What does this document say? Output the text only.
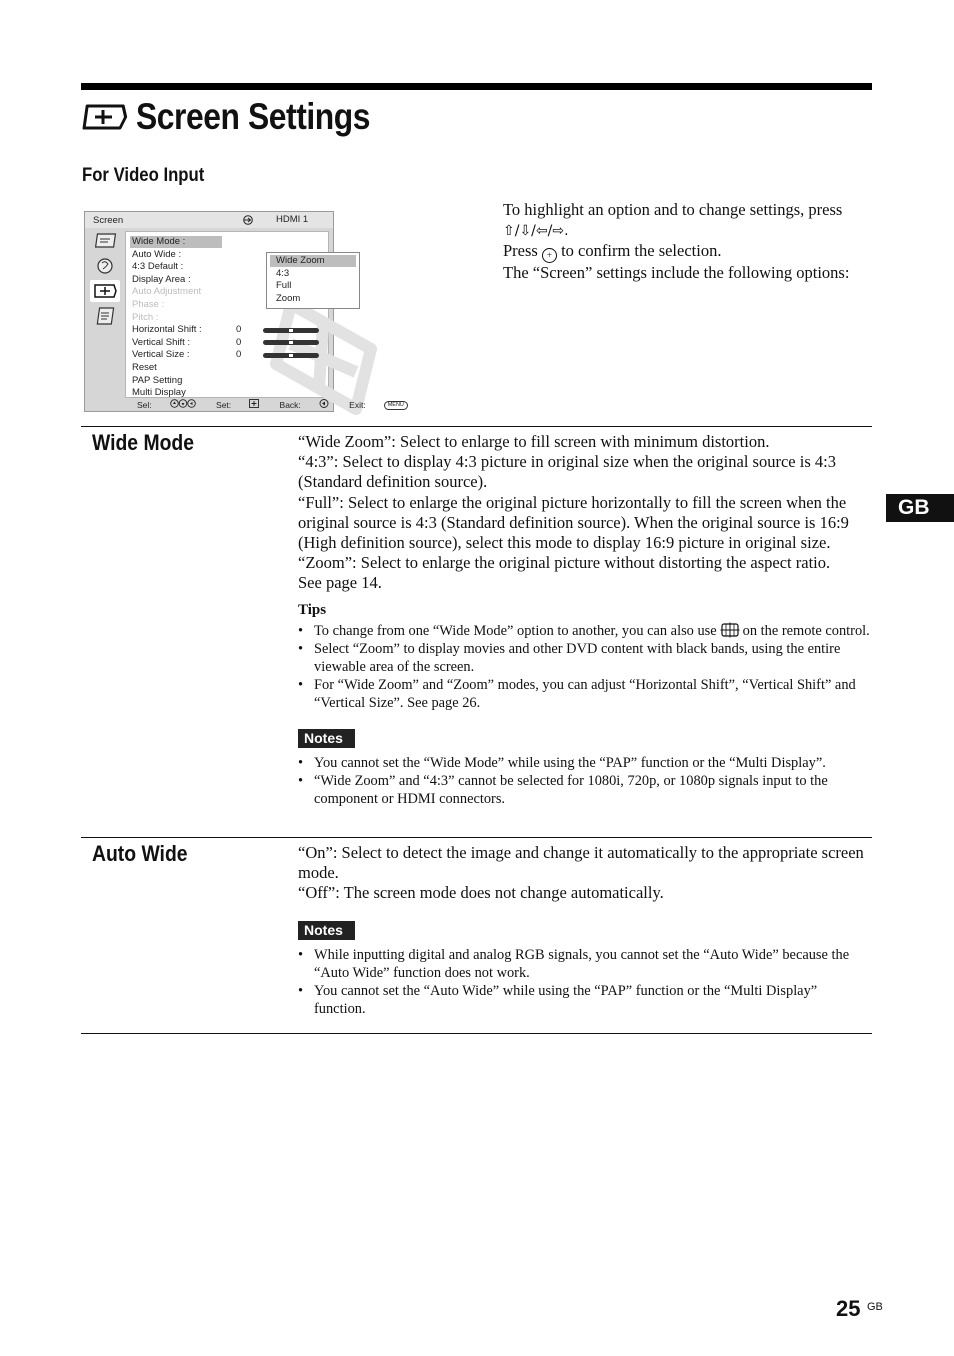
Screen Settings
For Video Input
Screen	HDMI 1
Wide Mode :
Auto Wide :
4:3 Default :
Display Area :
Auto Adjustment
Phase :
Pitch :
Horizontal Shift :	0
Vertical Shift :	0
Vertical Size :	0
Reset
PAP Setting
Multi Display
Wide Zoom
4:3
Full
Zoom
Sel:	Set:	Back:	Exit:	MENU

To highlight an option and to change settings, press

⇧/⇩/⇦/⇨.

Press + to confirm the selection.

The “Screen” settings include the following options:

Wide Mode	“Wide Zoom”: Select to enlarge to fill screen with minimum distortion.

“4:3”: Select to display 4:3 picture in original size when the original source is 4:3 (Standard definition source).

“Full”: Select to enlarge the original picture horizontally to fill the screen when the original source is 4:3 (Standard definition source). When the original source is 16:9 (High definition source), select this mode to display 16:9 picture in original size.

“Zoom”: Select to enlarge the original picture without distorting the aspect ratio.

See page 14.

Tips
• To change from one “Wide Mode” option to another, you can also use on the remote control.
• Select “Zoom” to display movies and other DVD content with black bands, using the entire viewable area of the screen.
• For “Wide Zoom” and “Zoom” modes, you can adjust “Horizontal Shift”, “Vertical Shift” and “Vertical Size”. See page 26.
Notes
• You cannot set the “Wide Mode” while using the “PAP” function or the “Multi Display”.
• “Wide Zoom” and “4:3” cannot be selected for 1080i, 720p, or 1080p signals input to the component or HDMI connectors.
Auto Wide	“On”: Select to detect the image and change it automatically to the appropriate screen mode.

“Off”: The screen mode does not change automatically.

Notes
• While inputting digital and analog RGB signals, you cannot set the “Auto Wide” because the “Auto Wide” function does not work.
• You cannot set the “Auto Wide” while using the “PAP” function or the “Multi Display” function.
GB
25 GB
